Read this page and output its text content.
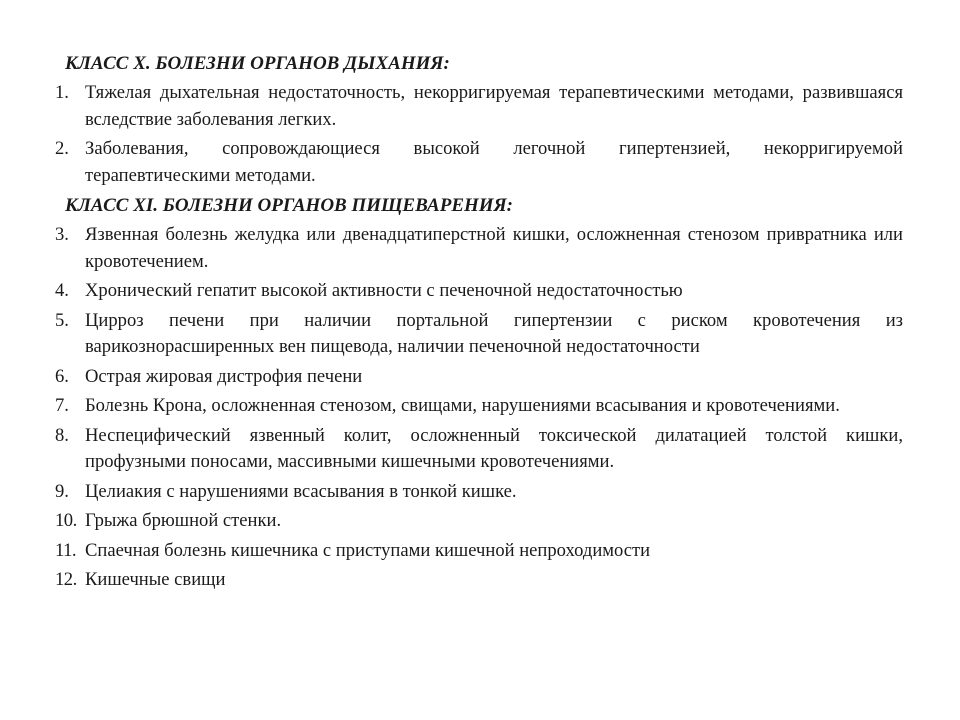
КЛАСС X. БОЛЕЗНИ ОРГАНОВ ДЫХАНИЯ:
1. Тяжелая дыхательная недостаточность, некорригируемая терапевтическими методами, развившаяся вследствие заболевания легких.
2. Заболевания, сопровождающиеся высокой легочной гипертензией, некорригируемой терапевтическими методами.
КЛАСС XI. БОЛЕЗНИ ОРГАНОВ ПИЩЕВАРЕНИЯ:
3. Язвенная болезнь желудка или двенадцатиперстной кишки, осложненная стенозом привратника или кровотечением.
4. Хронический гепатит высокой активности с печеночной недостаточностью
5. Цирроз печени при наличии портальной гипертензии с риском кровотечения из варикознорасширенных вен пищевода, наличии печеночной недостаточности
6. Острая жировая дистрофия печени
7. Болезнь Крона, осложненная стенозом, свищами, нарушениями всасывания и кровотечениями.
8. Неспецифический язвенный колит, осложненный токсической дилатацией толстой кишки, профузными поносами, массивными кишечными кровотечениями.
9. Целиакия с нарушениями всасывания в тонкой кишке.
10. Грыжа брюшной стенки.
11. Спаечная болезнь кишечника с приступами кишечной непроходимости
12. Кишечные свищи
